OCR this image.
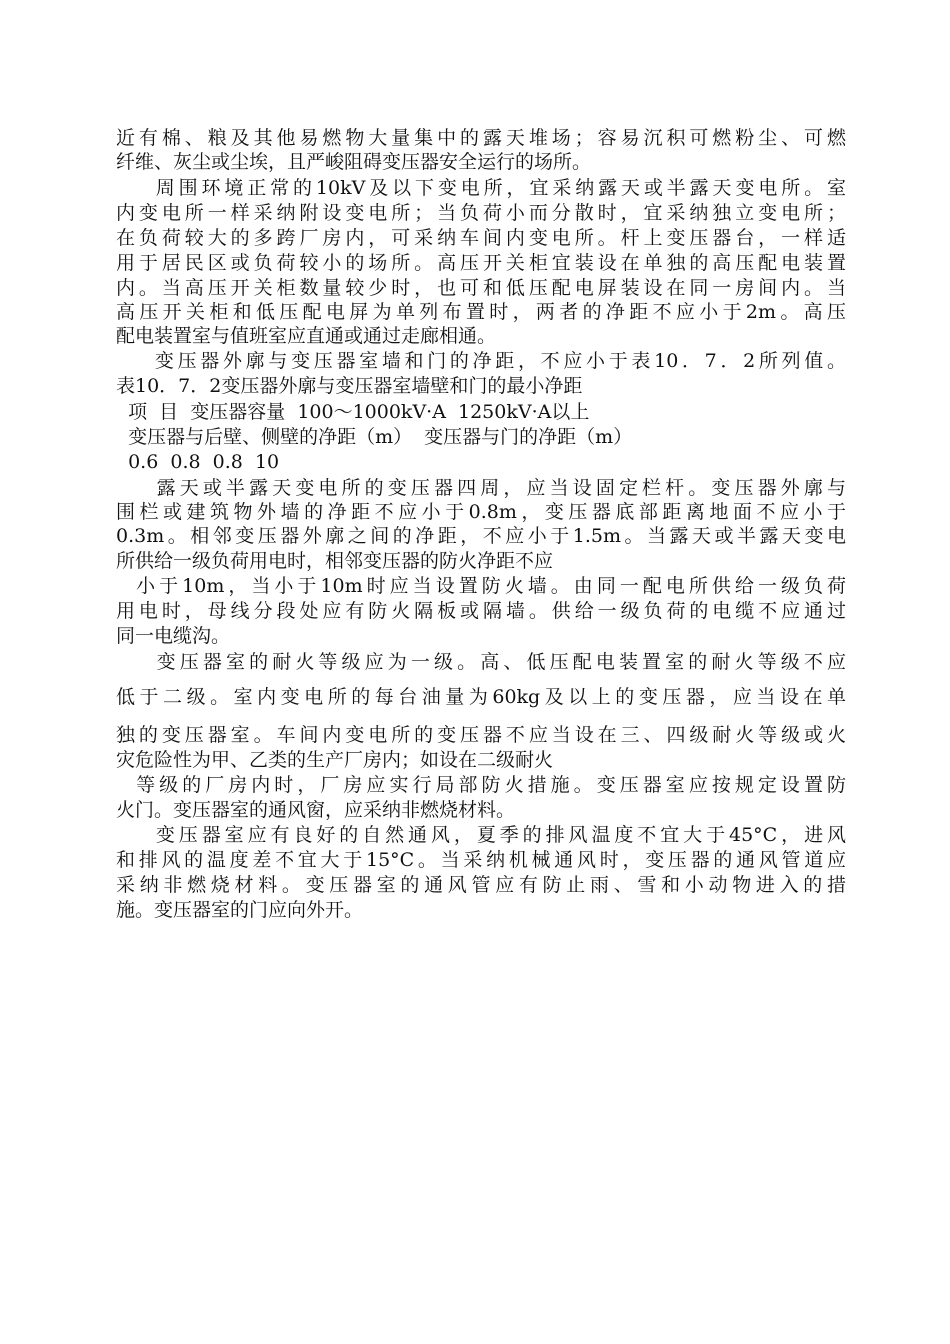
近有棉、粮及其他易燃物大量集中的露天堆场；容易沉积可燃粉尘、可燃
纤维、灰尘或尘埃，且严峻阻碍变压器安全运行的场所。
周围环境正常的10kV及以下变电所，宜采纳露天或半露天变电所。室
内变电所一样采纳附设变电所；当负荷小而分散时，宜采纳独立变电所；
在负荷较大的多跨厂房内，可采纳车间内变电所。杆上变压器台，一样适
用于居民区或负荷较小的场所。高压开关柜宜装设在单独的高压配电装置
内。当高压开关柜数量较少时，也可和低压配电屏装设在同一房间内。当
高压开关柜和低压配电屏为单列布置时，两者的净距不应小于2m。高压
配电装置室与值班室应直通或通过走廊相通。
变压器外廓与变压器室墙和门的净距，不应小于表10．7．2所列值。
表10．7．2变压器外廓与变压器室墙壁和门的最小净距
项  目  变压器容量  100～1000kV·A  1250kV·A以上
变压器与后壁、侧壁的净距（m）  变压器与门的净距（m）
0.6  0.8  0.8  10
露天或半露天变电所的变压器四周，应当设固定栏杆。变压器外廓与
围栏或建筑物外墙的净距不应小于0.8m，变压器底部距离地面不应小于
0.3m。相邻变压器外廓之间的净距，不应小于1.5m。当露天或半露天变电
所供给一级负荷用电时，相邻变压器的防火净距不应
小于10m，当小于10m时应当设置防火墙。由同一配电所供给一级负荷
用电时，母线分段处应有防火隔板或隔墙。供给一级负荷的电缆不应通过
同一电缆沟。
变压器室的耐火等级应为一级。高、低压配电装置室的耐火等级不应
低于二级。室内变电所的每台油量为60kg及以上的变压器，应当设在单
独的变压器室。车间内变电所的变压器不应当设在三、四级耐火等级或火
灾危险性为甲、乙类的生产厂房内；如设在二级耐火
等级的厂房内时，厂房应实行局部防火措施。变压器室应按规定设置防
火门。变压器室的通风窗，应采纳非燃烧材料。
变压器室应有良好的自然通风，夏季的排风温度不宜大于45°C，进风
和排风的温度差不宜大于15°C。当采纳机械通风时，变压器的通风管道应
采纳非燃烧材料。变压器室的通风管应有防止雨、雪和小动物进入的措
施。变压器室的门应向外开。
